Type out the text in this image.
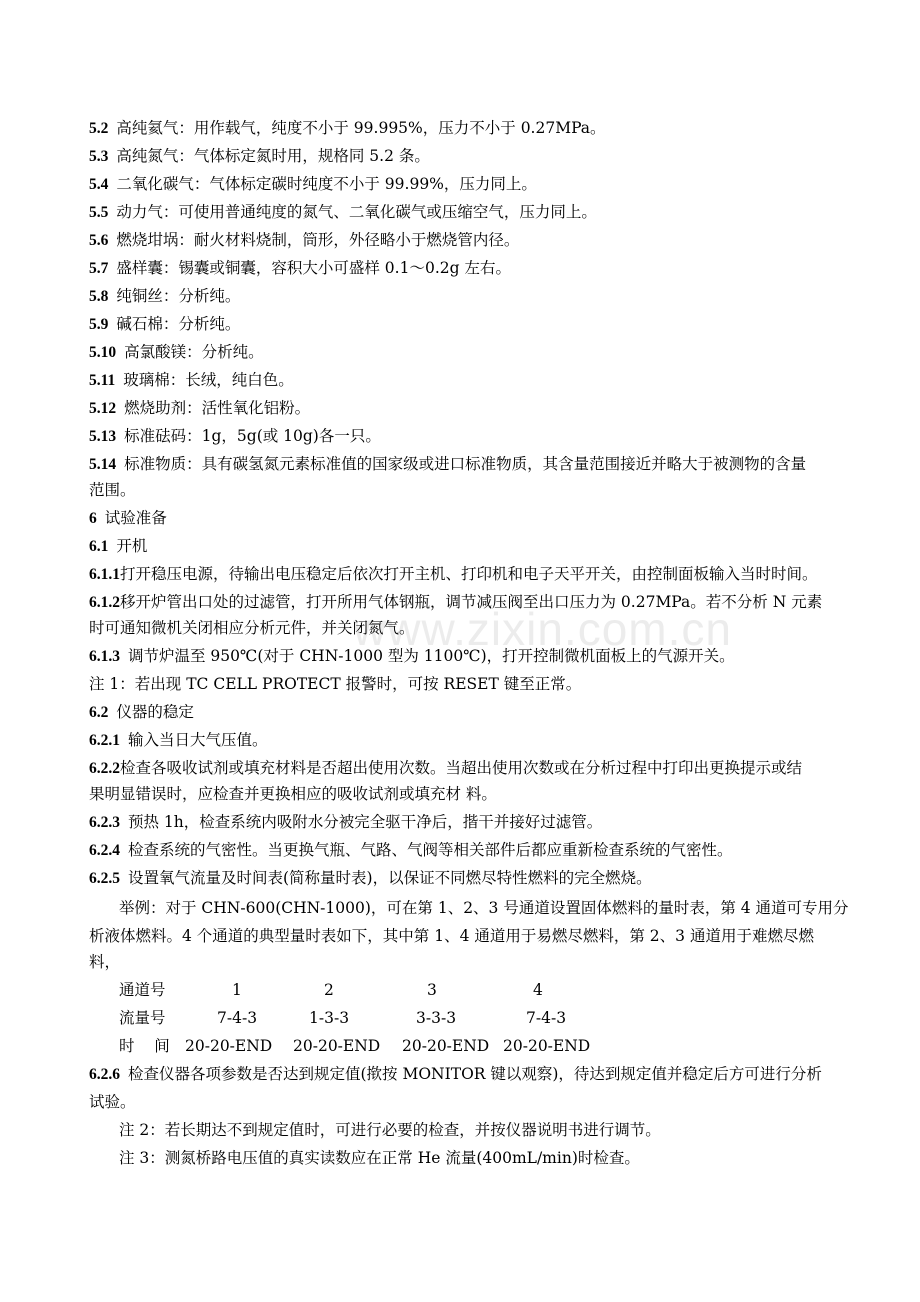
www.zixin.com.cn
5.2 高纯氦气：用作载气，纯度不小于 99.995%，压力不小于 0.27MPa。
5.3 高纯氮气：气体标定氮时用，规格同 5.2 条。
5.4 二氧化碳气：气体标定碳时纯度不小于 99.99%，压力同上。
5.5 动力气：可使用普通纯度的氮气、二氧化碳气或压缩空气，压力同上。
5.6 燃烧坩埚：耐火材料烧制，筒形，外径略小于燃烧管内径。
5.7 盛样囊：锡囊或铜囊，容积大小可盛样 0.1～0.2g 左右。
5.8 纯铜丝：分析纯。
5.9 碱石棉：分析纯。
5.10 高氯酸镁：分析纯。
5.11 玻璃棉：长绒，纯白色。
5.12 燃烧助剂：活性氧化铝粉。
5.13 标准砝码：1g，5g(或 10g)各一只。
5.14 标准物质：具有碳氢氮元素标准值的国家级或进口标准物质，其含量范围接近并略大于被测物的含量
范围。
6 试验准备
6.1 开机
6.1.1打开稳压电源，待输出电压稳定后依次打开主机、打印机和电子天平开关，由控制面板输入当时时间。
6.1.2移开炉管出口处的过滤管，打开所用气体钢瓶，调节减压阀至出口压力为 0.27MPa。若不分析 N 元素
时可通知微机关闭相应分析元件，并关闭氮气。
6.1.3 调节炉温至 950℃(对于 CHN-1000 型为 1100℃)，打开控制微机面板上的气源开关。
注 1：若出现 TC CELL PROTECT 报警时，可按 RESET 键至正常。
6.2 仪器的稳定
6.2.1 输入当日大气压值。
6.2.2检查各吸收试剂或填充材料是否超出使用次数。当超出使用次数或在分析过程中打印出更换提示或结
果明显错误时，应检查并更换相应的吸收试剂或填充材 料。
6.2.3 预热 1h，检查系统内吸附水分被完全驱干净后，揩干并接好过滤管。
6.2.4 检查系统的气密性。当更换气瓶、气路、气阀等相关部件后都应重新检查系统的气密性。
6.2.5 设置氧气流量及时间表(简称量时表)，以保证不同燃尽特性燃料的完全燃烧。
举例：对于 CHN-600(CHN-1000)，可在第 1、2、3 号通道设置固体燃料的量时表，第 4 通道可专用分
析液体燃料。4 个通道的典型量时表如下，其中第 1、4 通道用于易燃尽燃料，第 2、3 通道用于难燃尽燃
料，
通道号	1	2	3	4
流量号	7-4-3	1-3-3	3-3-3	7-4-3
时    间 20-20-END 20-20-END 20-20-END 20-20-END
6.2.6 检查仪器各项参数是否达到规定值(揿按 MONITOR 键以观察)，待达到规定值并稳定后方可进行分析
试验。
注 2：若长期达不到规定值时，可进行必要的检查，并按仪器说明书进行调节。
注 3：测氮桥路电压值的真实读数应在正常 He 流量(400mL/min)时检查。
